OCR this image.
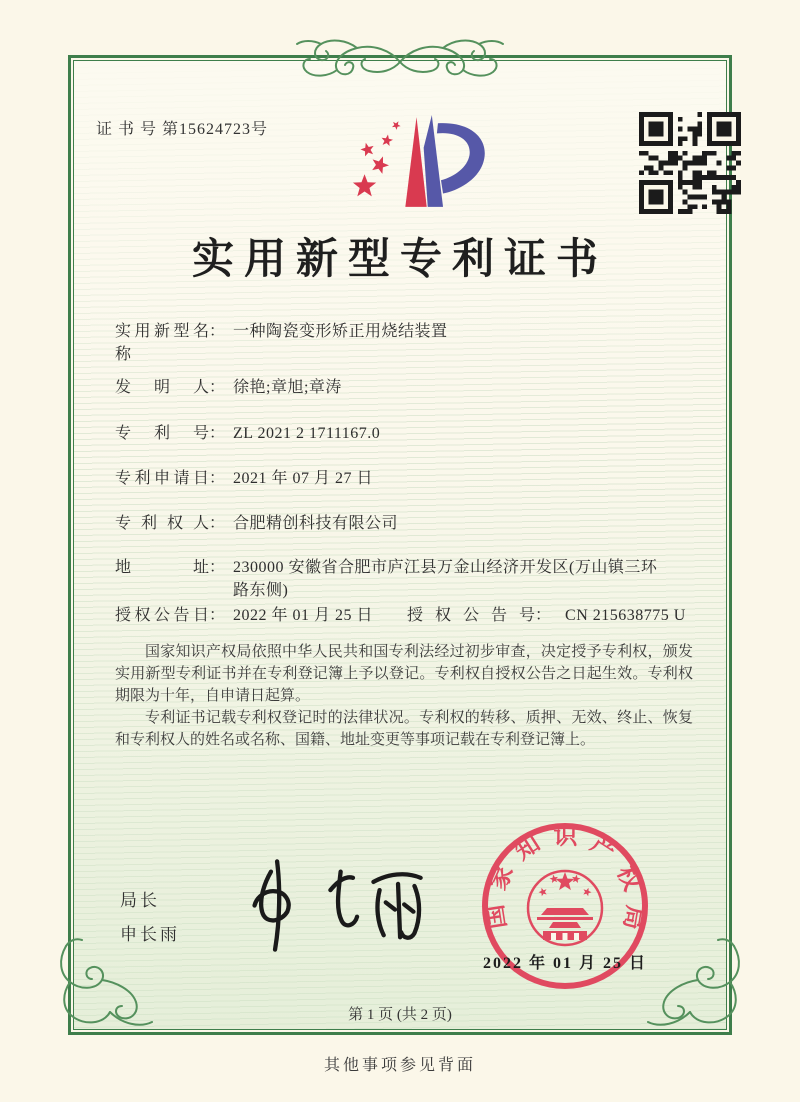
证 书 号 第15624723号
实用新型专利证书
实用新型名称： 一种陶瓷变形矫正用烧结装置
发明人： 徐艳;章旭;章涛
专利号： ZL 2021 2 1711167.0
专利申请日： 2021 年 07 月 27 日
专利权人： 合肥精创科技有限公司
地址： 230000 安徽省合肥市庐江县万金山经济开发区(万山镇三环路东侧)
授权公告日： 2022 年 01 月 25 日 授权公告号： CN 215638775 U

国家知识产权局依照中华人民共和国专利法经过初步审查，决定授予专利权，颁发实用新型专利证书并在专利登记簿上予以登记。专利权自授权公告之日起生效。专利权期限为十年，自申请日起算。

专利证书记载专利权登记时的法律状况。专利权的转移、质押、无效、终止、恢复和专利权人的姓名或名称、国籍、地址变更等事项记载在专利登记簿上。

局长
申长雨
国家知识产权局
2022 年 01 月 25 日
第 1 页 (共 2 页)
其他事项参见背面
